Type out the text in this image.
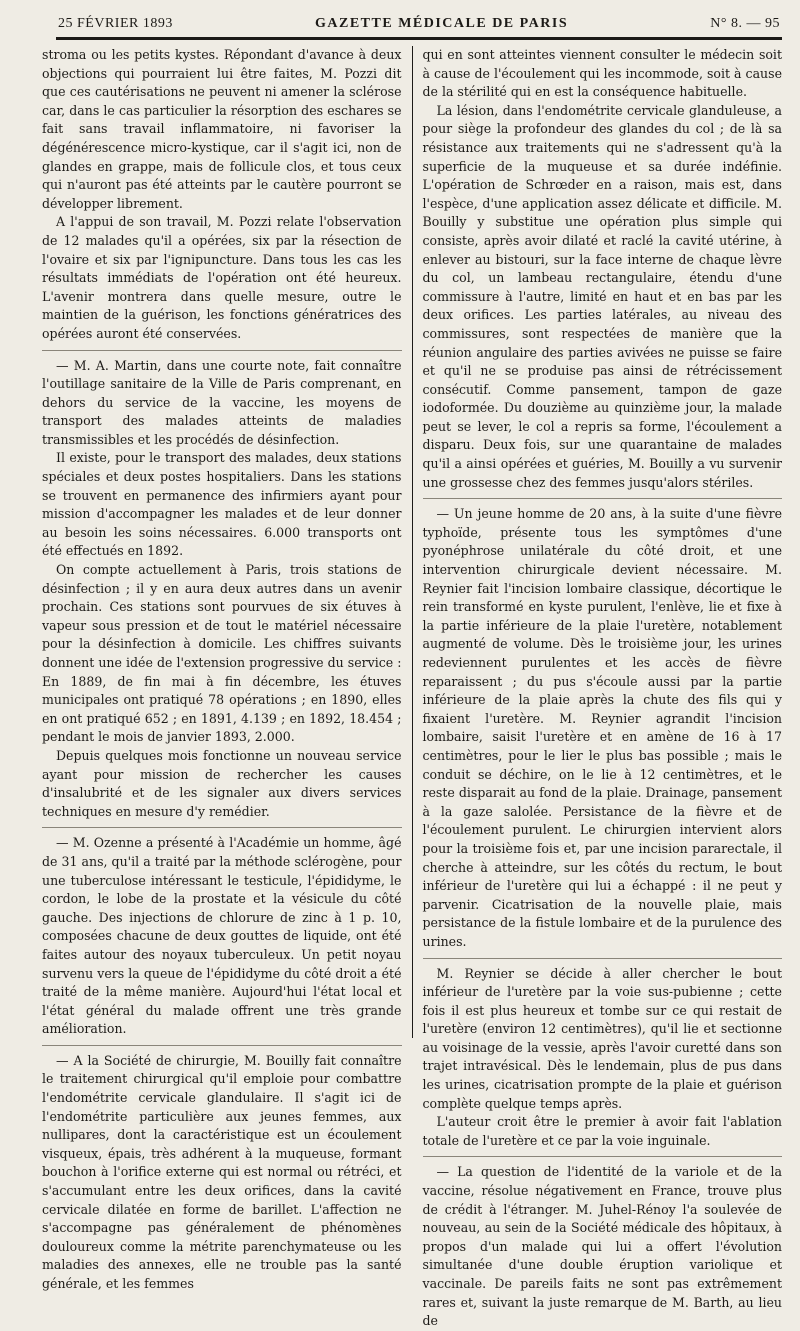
25 FÉVRIER 1893	GAZETTE MÉDICALE DE PARIS	N° 8. — 95

stroma ou les petits kystes. Répondant d'avance à deux objections qui pourraient lui être faites, M. Pozzi dit que ces cautérisations ne peuvent ni amener la sclérose car, dans le cas particulier la résorption des eschares se fait sans travail inflammatoire, ni favoriser la dégénérescence micro-kystique, car il s'agit ici, non de glandes en grappe, mais de follicule clos, et tous ceux qui n'auront pas été atteints par le cautère pourront se développer librement.

A l'appui de son travail, M. Pozzi relate l'observation de 12 malades qu'il a opérées, six par la résection de l'ovaire et six par l'ignipuncture. Dans tous les cas les résultats immédiats de l'opération ont été heureux. L'avenir montrera dans quelle mesure, outre le maintien de la guérison, les fonctions génératrices des opérées auront été conservées.

— M. A. Martin, dans une courte note, fait connaître l'outillage sanitaire de la Ville de Paris comprenant, en dehors du service de la vaccine, les moyens de transport des malades atteints de maladies transmissibles et les procédés de désinfection.

Il existe, pour le transport des malades, deux stations spéciales et deux postes hospitaliers. Dans les stations se trouvent en permanence des infirmiers ayant pour mission d'accompagner les malades et de leur donner au besoin les soins nécessaires. 6.000 transports ont été effectués en 1892.

On compte actuellement à Paris, trois stations de désinfection ; il y en aura deux autres dans un avenir prochain. Ces stations sont pourvues de six étuves à vapeur sous pression et de tout le matériel nécessaire pour la désinfection à domicile. Les chiffres suivants donnent une idée de l'extension progressive du service : En 1889, de fin mai à fin décembre, les étuves municipales ont pratiqué 78 opérations ; en 1890, elles en ont pratiqué 652 ; en 1891, 4.139 ; en 1892, 18.454 ; pendant le mois de janvier 1893, 2.000.

Depuis quelques mois fonctionne un nouveau service ayant pour mission de rechercher les causes d'insalubrité et de les signaler aux divers services techniques en mesure d'y remédier.

— M. Ozenne a présenté à l'Académie un homme, âgé de 31 ans, qu'il a traité par la méthode sclérogène, pour une tuberculose intéressant le testicule, l'épididyme, le cordon, le lobe de la prostate et la vésicule du côté gauche. Des injections de chlorure de zinc à 1 p. 10, composées chacune de deux gouttes de liquide, ont été faites autour des noyaux tuberculeux. Un petit noyau survenu vers la queue de l'épididyme du côté droit a été traité de la même manière. Aujourd'hui l'état local et l'état général du malade offrent une très grande amélioration.

— A la Société de chirurgie, M. Bouilly fait connaître le traitement chirurgical qu'il emploie pour combattre l'endométrite cervicale glandulaire. Il s'agit ici de l'endométrite particulière aux jeunes femmes, aux nullipares, dont la caractéristique est un écoulement visqueux, épais, très adhérent à la muqueuse, formant bouchon à l'orifice externe qui est normal ou rétréci, et s'accumulant entre les deux orifices, dans la cavité cervicale dilatée en forme de barillet. L'affection ne s'accompagne pas généralement de phénomènes douloureux comme la métrite parenchymateuse ou les maladies des annexes, elle ne trouble pas la santé générale, et les femmes

qui en sont atteintes viennent consulter le médecin soit à cause de l'écoulement qui les incommode, soit à cause de la stérilité qui en est la conséquence habituelle.

La lésion, dans l'endométrite cervicale glanduleuse, a pour siège la profondeur des glandes du col ; de là sa résistance aux traitements qui ne s'adressent qu'à la superficie de la muqueuse et sa durée indéfinie. L'opération de Schrœder en a raison, mais est, dans l'espèce, d'une application assez délicate et difficile. M. Bouilly y substitue une opération plus simple qui consiste, après avoir dilaté et raclé la cavité utérine, à enlever au bistouri, sur la face interne de chaque lèvre du col, un lambeau rectangulaire, étendu d'une commissure à l'autre, limité en haut et en bas par les deux orifices. Les parties latérales, au niveau des commissures, sont respectées de manière que la réunion angulaire des parties avivées ne puisse se faire et qu'il ne se produise pas ainsi de rétrécissement consécutif. Comme pansement, tampon de gaze iodoformée. Du douzième au quinzième jour, la malade peut se lever, le col a repris sa forme, l'écoulement a disparu. Deux fois, sur une quarantaine de malades qu'il a ainsi opérées et guéries, M. Bouilly a vu survenir une grossesse chez des femmes jusqu'alors stériles.

— Un jeune homme de 20 ans, à la suite d'une fièvre typhoïde, présente tous les symptômes d'une pyonéphrose unilatérale du côté droit, et une intervention chirurgicale devient nécessaire. M. Reynier fait l'incision lombaire classique, décortique le rein transformé en kyste purulent, l'enlève, lie et fixe à la partie inférieure de la plaie l'uretère, notablement augmenté de volume. Dès le troisième jour, les urines redeviennent purulentes et les accès de fièvre reparaissent ; du pus s'écoule aussi par la partie inférieure de la plaie après la chute des fils qui y fixaient l'uretère. M. Reynier agrandit l'incision lombaire, saisit l'uretère et en amène de 16 à 17 centimètres, pour le lier le plus bas possible ; mais le conduit se déchire, on le lie à 12 centimètres, et le reste disparait au fond de la plaie. Drainage, pansement à la gaze salolée. Persistance de la fièvre et de l'écoulement purulent. Le chirurgien intervient alors pour la troisième fois et, par une incision pararectale, il cherche à atteindre, sur les côtés du rectum, le bout inférieur de l'uretère qui lui a échappé : il ne peut y parvenir. Cicatrisation de la nouvelle plaie, mais persistance de la fistule lombaire et de la purulence des urines.

M. Reynier se décide à aller chercher le bout inférieur de l'uretère par la voie sus-pubienne ; cette fois il est plus heureux et tombe sur ce qui restait de l'uretère (environ 12 centimètres), qu'il lie et sectionne au voisinage de la vessie, après l'avoir curetté dans son trajet intravésical. Dès le lendemain, plus de pus dans les urines, cicatrisation prompte de la plaie et guérison complète quelque temps après.

L'auteur croit être le premier à avoir fait l'ablation totale de l'uretère et ce par la voie inguinale.

— La question de l'identité de la variole et de la vaccine, résolue négativement en France, trouve plus de crédit à l'étranger. M. Juhel-Rénoy l'a soulevée de nouveau, au sein de la Société médicale des hôpitaux, à propos d'un malade qui lui a offert l'évolution simultanée d'une double éruption variolique et vaccinale. De pareils faits ne sont pas extrêmement rares et, suivant la juste remarque de M. Barth, au lieu de
